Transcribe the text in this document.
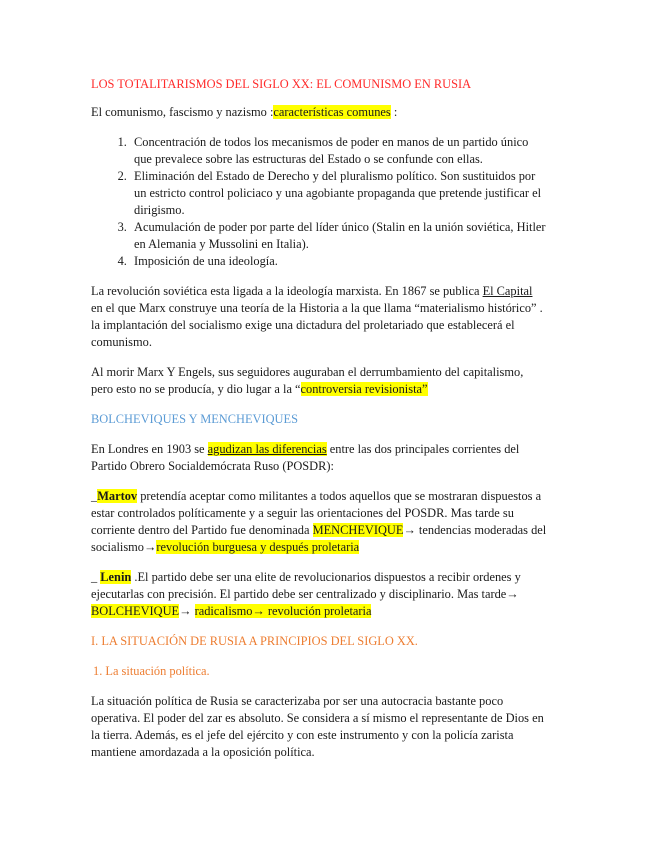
LOS TOTALITARISMOS DEL SIGLO XX: EL COMUNISMO EN RUSIA

El comunismo, fascismo y nazismo :características comunes :

1. Concentración de todos los mecanismos de poder en manos de un partido único que prevalece sobre las estructuras del Estado o se confunde con ellas.
2. Eliminación del Estado de Derecho y del pluralismo político. Son sustituidos por un estricto control policiaco y una agobiante propaganda que pretende justificar el dirigismo.
3. Acumulación de poder por parte del líder único (Stalin en la unión soviética, Hitler en Alemania y Mussolini en Italia).
4. Imposición de una ideología.

La revolución soviética esta ligada a la ideología marxista. En 1867 se publica El Capital en el que Marx construye una teoría de la Historia a la que llama “materialismo histórico” . la implantación del socialismo exige una dictadura del proletariado que establecerá el comunismo.

Al morir Marx Y Engels, sus seguidores auguraban el derrumbamiento del capitalismo, pero esto no se producía, y dio lugar a la “controversia revisionista”

BOLCHEVIQUES Y MENCHEVIQUES

En Londres en 1903 se agudizan las diferencias entre las dos principales corrientes del Partido Obrero Socialdemócrata Ruso (POSDR):

_Martov pretendía aceptar como militantes a todos aquellos que se mostraran dispuestos a estar controlados políticamente y a seguir las orientaciones del POSDR. Mas tarde su corriente dentro del Partido fue denominada MENCHEVIQUE→ tendencias moderadas del socialismo→revolución burguesa y después proletaria

_ Lenin .El partido debe ser una elite de revolucionarios dispuestos a recibir ordenes y ejecutarlas con precisión. El partido debe ser centralizado y disciplinario. Mas tarde→ BOLCHEVIQUE→ radicalismo→ revolución proletaria

I. LA SITUACIÓN DE RUSIA A PRINCIPIOS DEL SIGLO XX.

1. La situación política.

La situación política de Rusia se caracterizaba por ser una autocracia bastante poco operativa. El poder del zar es absoluto. Se considera a sí mismo el representante de Dios en la tierra. Además, es el jefe del ejército y con este instrumento y con la policía zarista mantiene amordazada a la oposición política.
